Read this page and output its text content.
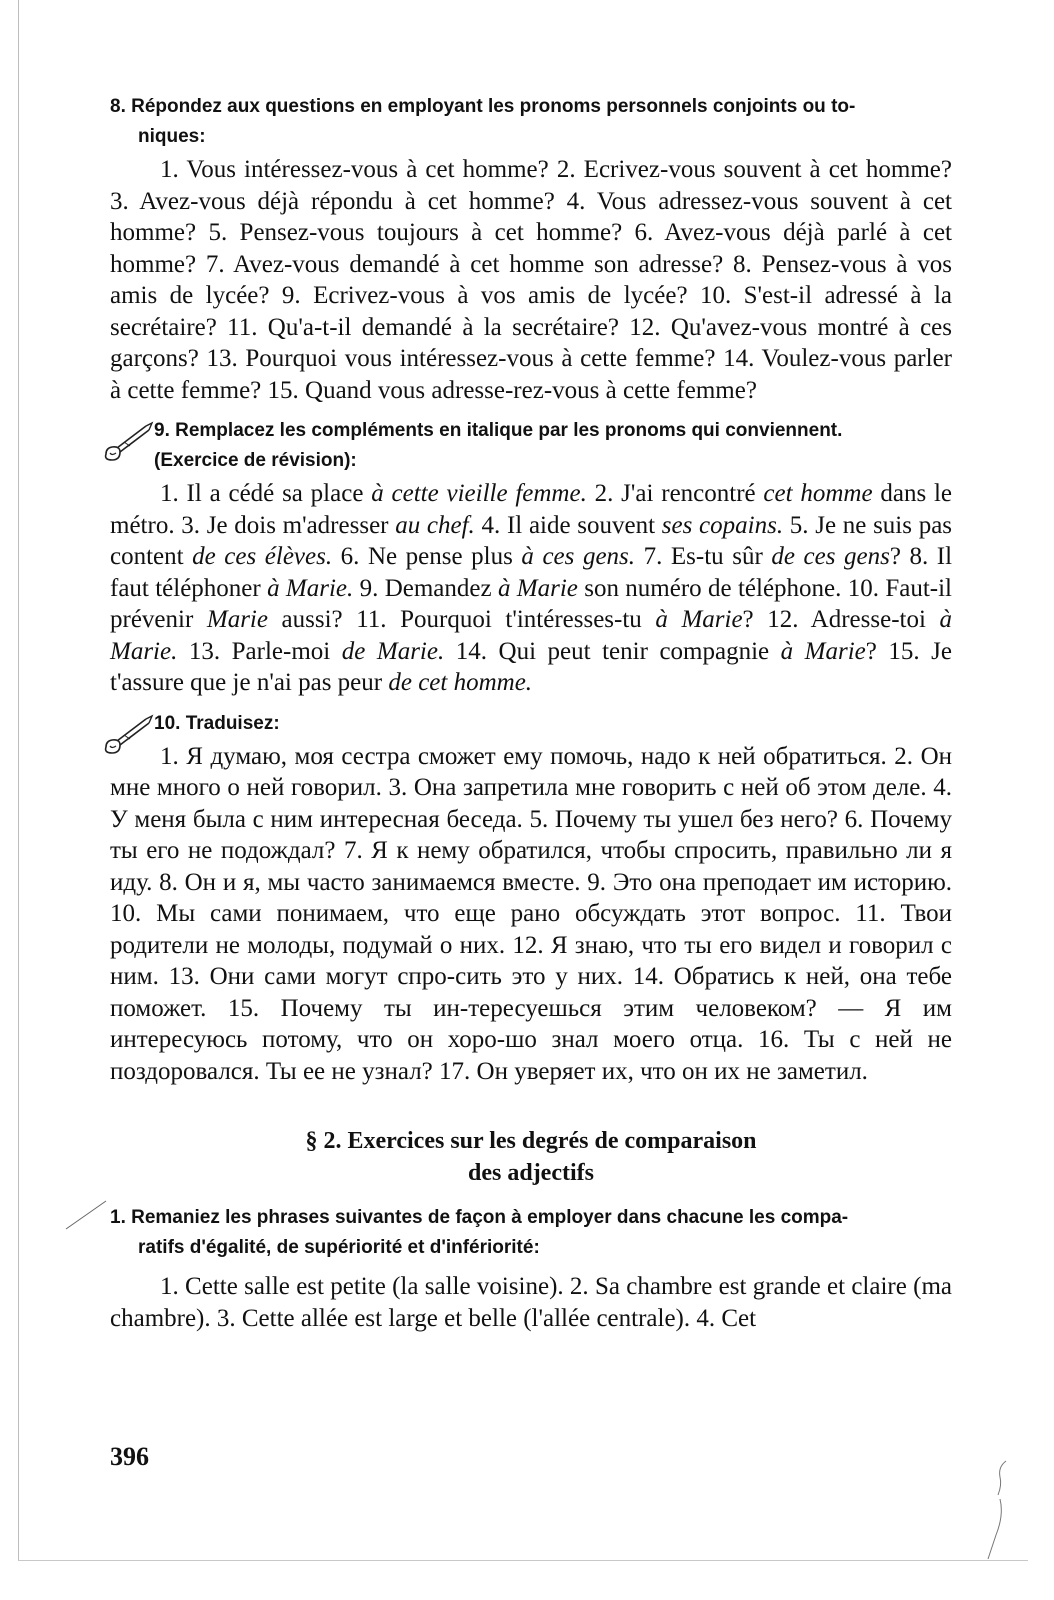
8. Répondez aux questions en employant les pronoms personnels conjoints ou to-
niques:

1. Vous intéressez-vous à cet homme? 2. Ecrivez-vous souvent à cet homme? 3. Avez-vous déjà répondu à cet homme? 4. Vous adressez-vous souvent à cet homme? 5. Pensez-vous toujours à cet homme? 6. Avez-vous déjà parlé à cet homme? 7. Avez-vous demandé à cet homme son adresse? 8. Pensez-vous à vos amis de lycée? 9. Ecrivez-vous à vos amis de lycée? 10. S'est-il adressé à la secrétaire? 11. Qu'a-t-il demandé à la secrétaire? 12. Qu'avez-vous montré à ces garçons? 13. Pourquoi vous intéressez-vous à cette femme? 14. Voulez-vous parler à cette femme? 15. Quand vous adresse-rez-vous à cette femme?

9. Remplacez les compléments en italique par les pronoms qui conviennent.
(Exercice de révision):

1. Il a cédé sa place à cette vieille femme. 2. J'ai rencontré cet homme dans le métro. 3. Je dois m'adresser au chef. 4. Il aide souvent ses copains. 5. Je ne suis pas content de ces élèves. 6. Ne pense plus à ces gens. 7. Es-tu sûr de ces gens? 8. Il faut téléphoner à Marie. 9. Demandez à Marie son numéro de téléphone. 10. Faut-il prévenir Marie aussi? 11. Pourquoi t'intéresses-tu à Marie? 12. Adresse-toi à Marie. 13. Parle-moi de Marie. 14. Qui peut tenir compagnie à Marie? 15. Je t'assure que je n'ai pas peur de cet homme.

10. Traduisez:

1. Я думаю, моя сестра сможет ему помочь, надо к ней обратиться. 2. Он мне много о ней говорил. 3. Она запретила мне говорить с ней об этом деле. 4. У меня была с ним интересная беседа. 5. Почему ты ушел без него? 6. Почему ты его не подождал? 7. Я к нему обратился, чтобы спросить, правильно ли я иду. 8. Он и я, мы часто занимаемся вместе. 9. Это она преподает им историю. 10. Мы сами понимаем, что еще рано обсуждать этот вопрос. 11. Твои родители не молоды, подумай о них. 12. Я знаю, что ты его видел и говорил с ним. 13. Они сами могут спро-сить это у них. 14. Обратись к ней, она тебе поможет. 15. Почему ты ин-тересуешься этим человеком? — Я им интересуюсь потому, что он хоро-шо знал моего отца. 16. Ты с ней не поздоровался. Ты ее не узнал? 17. Он уверяет их, что он их не заметил.

§ 2. Exercices sur les degrés de comparaison
des adjectifs

1. Remaniez les phrases suivantes de façon à employer dans chacune les compa-
ratifs d'égalité, de supériorité et d'infériorité:

1. Cette salle est petite (la salle voisine). 2. Sa chambre est grande et claire (ma chambre). 3. Cette allée est large et belle (l'allée centrale). 4. Cet

396
